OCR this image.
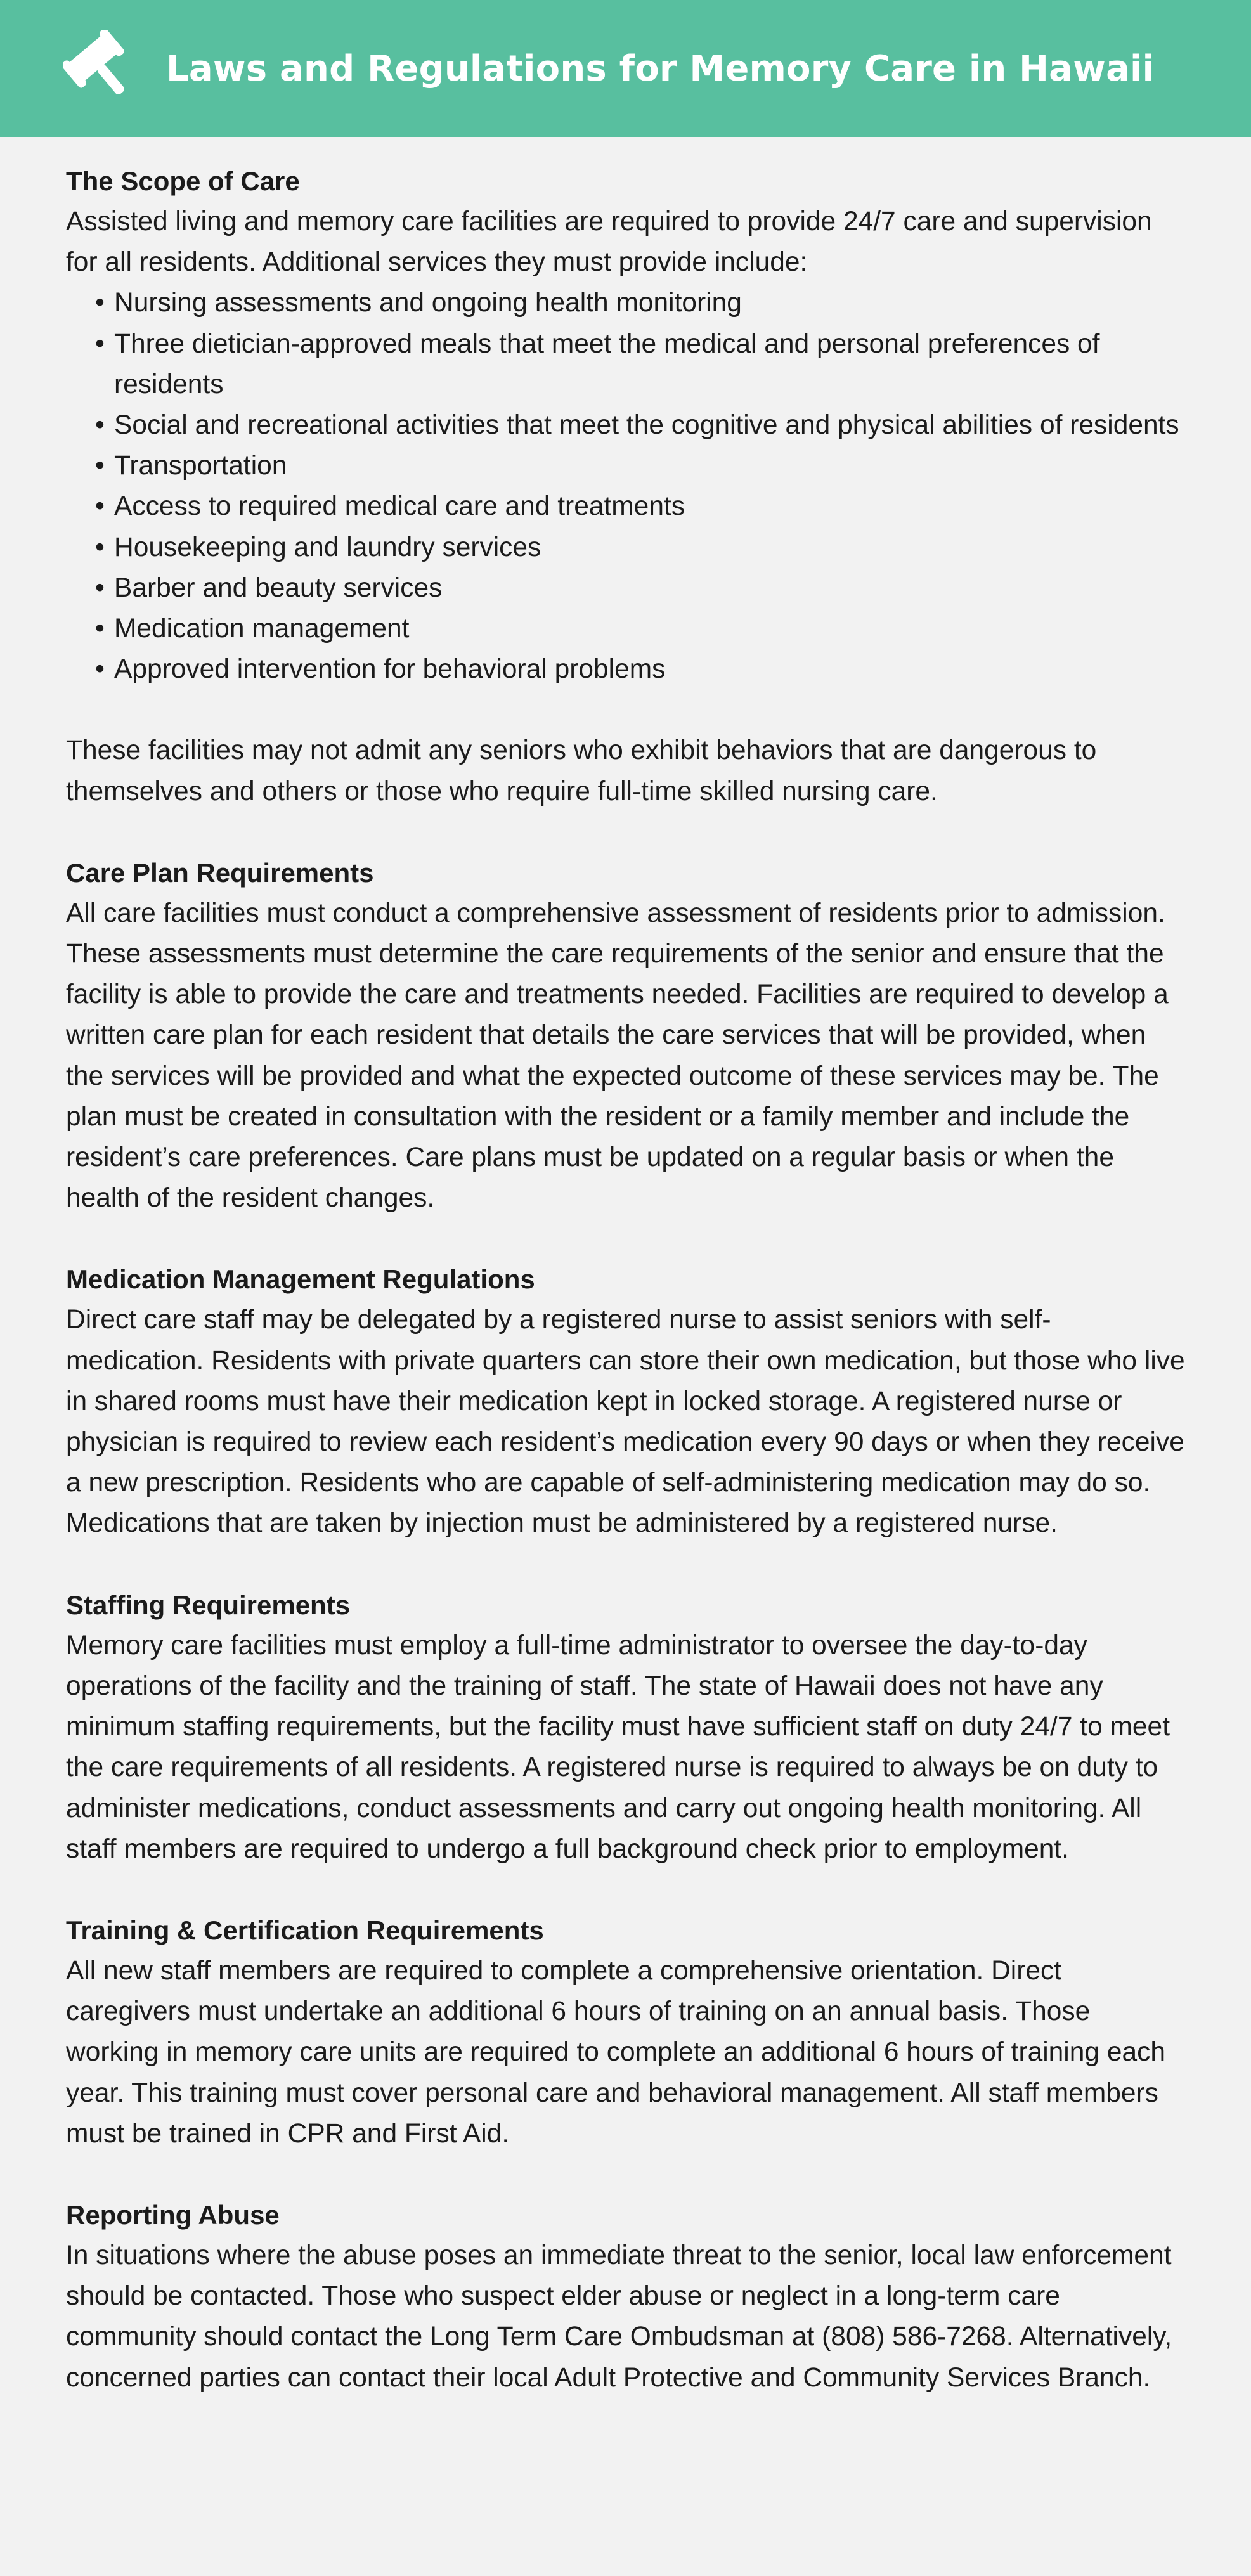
Laws and Regulations for Memory Care in Hawaii

The Scope of Care

Assisted living and memory care facilities are required to provide 24/7 care and supervision for all residents. Additional services they must provide include:

• Nursing assessments and ongoing health monitoring
• Three dietician-approved meals that meet the medical and personal preferences of residents
• Social and recreational activities that meet the cognitive and physical abilities of residents
• Transportation
• Access to required medical care and treatments
• Housekeeping and laundry services
• Barber and beauty services
• Medication management
• Approved intervention for behavioral problems

These facilities may not admit any seniors who exhibit behaviors that are dangerous to themselves and others or those who require full-time skilled nursing care.

Care Plan Requirements

All care facilities must conduct a comprehensive assessment of residents prior to admission. These assessments must determine the care requirements of the senior and ensure that the facility is able to provide the care and treatments needed. Facilities are required to develop a written care plan for each resident that details the care services that will be provided, when the services will be provided and what the expected outcome of these services may be. The plan must be created in consultation with the resident or a family member and include the resident’s care preferences. Care plans must be updated on a regular basis or when the health of the resident changes.

Medication Management Regulations

Direct care staff may be delegated by a registered nurse to assist seniors with self-medication. Residents with private quarters can store their own medication, but those who live in shared rooms must have their medication kept in locked storage. A registered nurse or physician is required to review each resident’s medication every 90 days or when they receive a new prescription. Residents who are capable of self-administering medication may do so. Medications that are taken by injection must be administered by a registered nurse.

Staffing Requirements

Memory care facilities must employ a full-time administrator to oversee the day-to-day operations of the facility and the training of staff. The state of Hawaii does not have any minimum staffing requirements, but the facility must have sufficient staff on duty 24/7 to meet the care requirements of all residents. A registered nurse is required to always be on duty to administer medications, conduct assessments and carry out ongoing health monitoring. All staff members are required to undergo a full background check prior to employment.

Training & Certification Requirements

All new staff members are required to complete a comprehensive orientation. Direct caregivers must undertake an additional 6 hours of training on an annual basis. Those working in memory care units are required to complete an additional 6 hours of training each year. This training must cover personal care and behavioral management. All staff members must be trained in CPR and First Aid.

Reporting Abuse

In situations where the abuse poses an immediate threat to the senior, local law enforcement should be contacted. Those who suspect elder abuse or neglect in a long-term care community should contact the Long Term Care Ombudsman at (808) 586-7268. Alternatively, concerned parties can contact their local Adult Protective and Community Services Branch.
